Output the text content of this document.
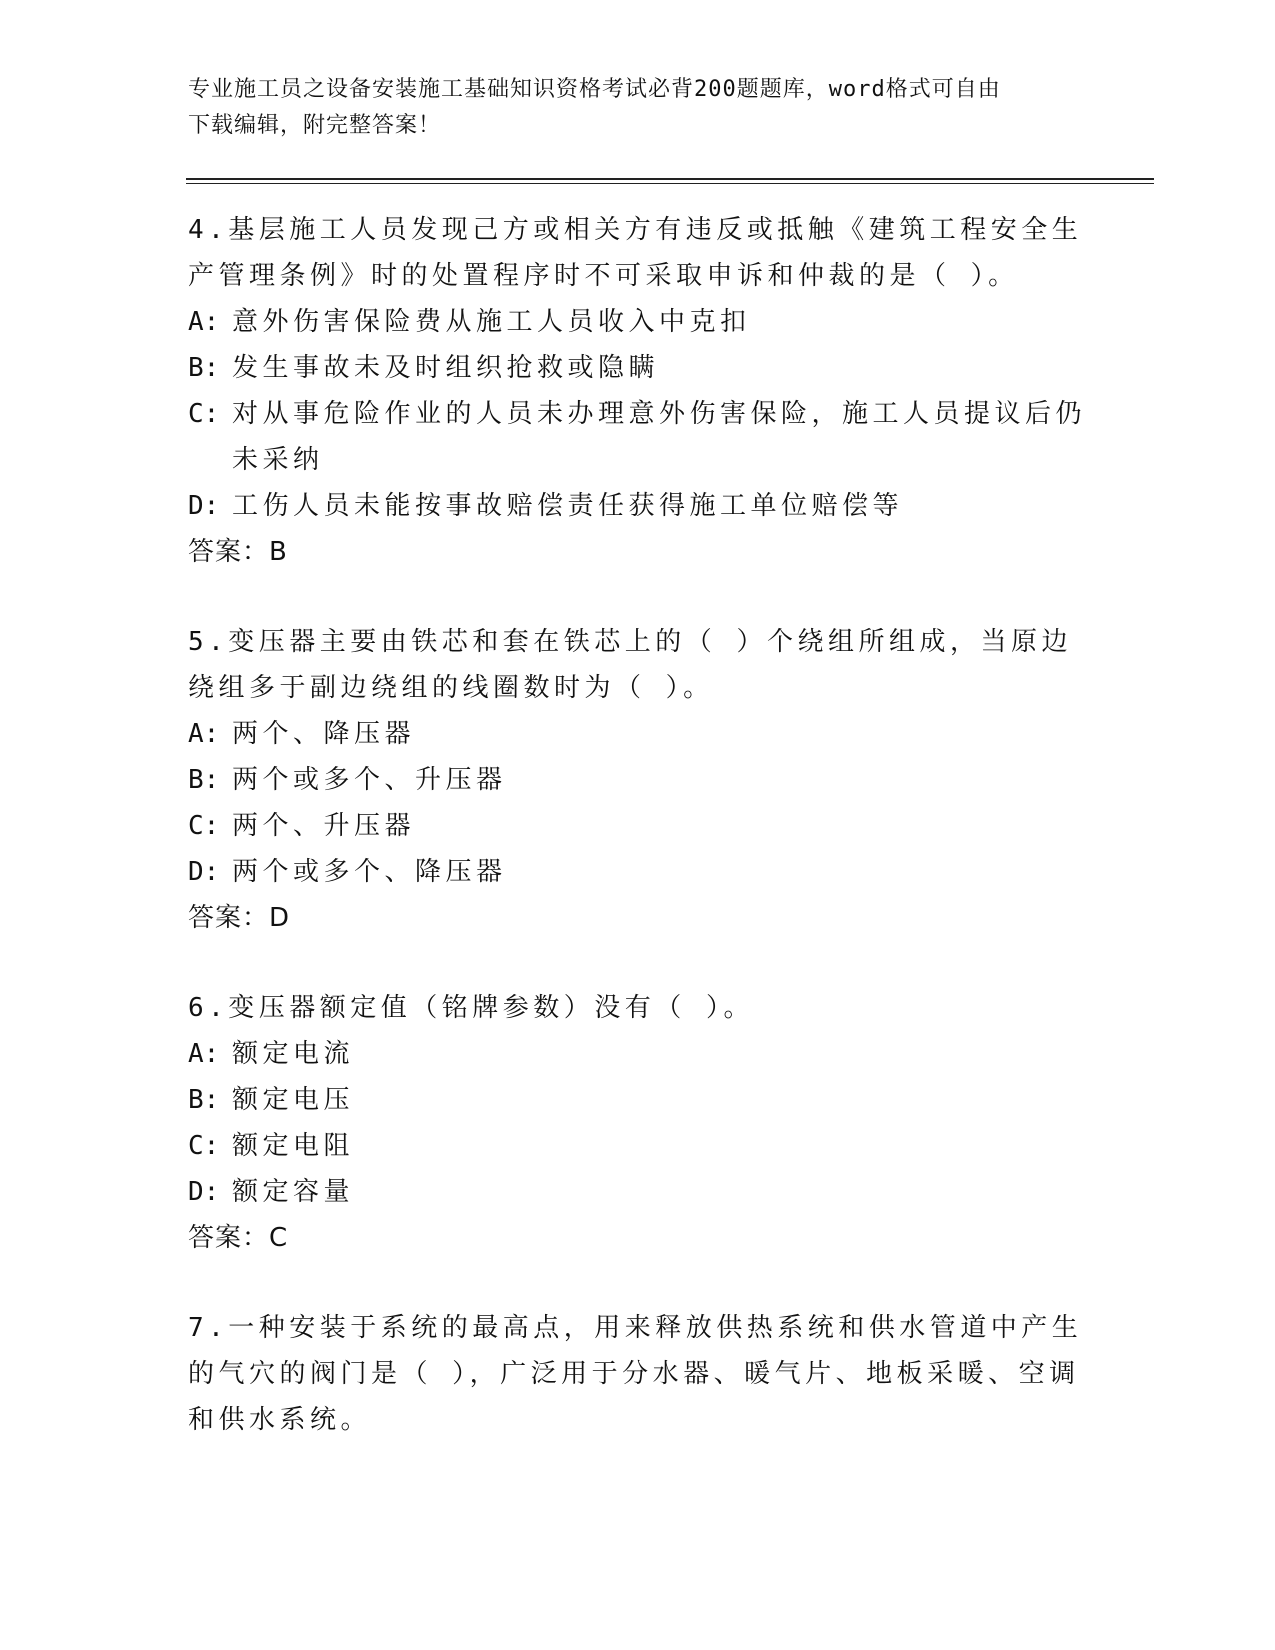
专业施工员之设备安装施工基础知识资格考试必背200题题库，word格式可自由
下载编辑，附完整答案！
4.基层施工人员发现己方或相关方有违反或抵触《建筑工程安全生产管理条例》时的处置程序时不可采取申诉和仲裁的是（ ）。
A: 意外伤害保险费从施工人员收入中克扣
B: 发生事故未及时组织抢救或隐瞒
C: 对从事危险作业的人员未办理意外伤害保险，施工人员提议后仍未采纳
D: 工伤人员未能按事故赔偿责任获得施工单位赔偿等
答案：B
5.变压器主要由铁芯和套在铁芯上的（ ）个绕组所组成，当原边绕组多于副边绕组的线圈数时为（ ）。
A: 两个、降压器
B: 两个或多个、升压器
C: 两个、升压器
D: 两个或多个、降压器
答案：D
6.变压器额定值（铭牌参数）没有（ ）。
A: 额定电流
B: 额定电压
C: 额定电阻
D: 额定容量
答案：C
7.一种安装于系统的最高点，用来释放供热系统和供水管道中产生的气穴的阀门是（ ），广泛用于分水器、暖气片、地板采暖、空调和供水系统。
